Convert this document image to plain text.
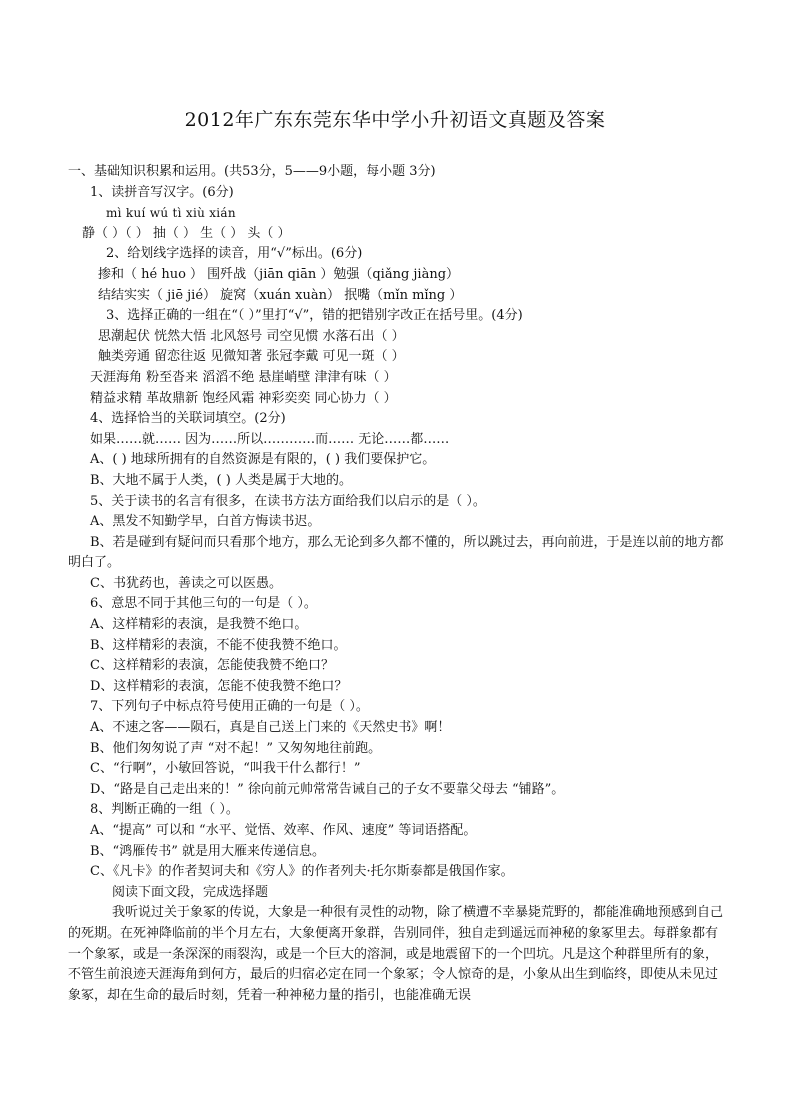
2012年广东东莞东华中学小升初语文真题及答案
一、基础知识积累和运用。(共53分，5——9小题，每小题 3分)
1、读拼音写汉字。(6分)
mì kuí wú tì xiù xián
静（ ）（ ） 抽（ ） 生（ ） 头（ ）
2、给划线字选择的读音，用“√”标出。(6分)
掺和（ hé huo ） 围歼战（jiān qiān ）勉强（qiǎng jiàng）
结结实实（ jiē jié） 旋窝（xuán xuàn） 抿嘴（mǐn mǐng ）
3、选择正确的一组在“（ ）”里打“√”，错的把错别字改正在括号里。(4分)
思潮起伏 恍然大悟 北风怒号 司空见惯 水落石出（ ）
触类旁通 留恋往返 见微知著 张冠李戴 可见一斑（ ）
天涯海角 粉至沓来 滔滔不绝 悬崖峭壁 津津有味（ ）
精益求精 革故鼎新 饱经风霜 神彩奕奕 同心协力（ ）
4、选择恰当的关联词填空。(2分)
如果……就…… 因为……所以…………而…… 无论……都……
A、( ) 地球所拥有的自然资源是有限的，( ) 我们要保护它。
B、大地不属于人类，( ) 人类是属于大地的。
5、关于读书的名言有很多，在读书方法方面给我们以启示的是（ ）。
A、黑发不知勤学早，白首方悔读书迟。
B、若是碰到有疑问而只看那个地方，那么无论到多久都不懂的，所以跳过去，再向前进，于是连以前的地方都明白了。
C、书犹药也，善读之可以医愚。
6、意思不同于其他三句的一句是（ ）。
A、这样精彩的表演，是我赞不绝口。
B、这样精彩的表演，不能不使我赞不绝口。
C、这样精彩的表演，怎能使我赞不绝口？
D、这样精彩的表演，怎能不使我赞不绝口？
7、下列句子中标点符号使用正确的一句是（ ）。
A、不速之客——陨石，真是自己送上门来的《天然史书》啊！
B、他们匆匆说了声 “对不起！” 又匆匆地往前跑。
C、“行啊”，小敏回答说，“叫我干什么都行！”
D、“路是自己走出来的！” 徐向前元帅常常告诫自己的子女不要靠父母去 “铺路”。
8、判断正确的一组（ ）。
A、“提高” 可以和 “水平、觉悟、效率、作风、速度” 等词语搭配。
B、“鸿雁传书” 就是用大雁来传递信息。
C、《凡卡》的作者契诃夫和《穷人》的作者列夫·托尔斯泰都是俄国作家。
阅读下面文段，完成选择题
我听说过关于象冢的传说，大象是一种很有灵性的动物，除了横遭不幸暴毙荒野的，都能准确地预感到自己的死期。在死神降临前的半个月左右，大象便离开象群，告别同伴，独自走到遥远而神秘的象冢里去。每群象都有一个象冢，或是一条深深的雨裂沟，或是一个巨大的溶洞，或是地震留下的一个凹坑。凡是这个种群里所有的象，不管生前浪迹天涯海角到何方，最后的归宿必定在同一个象冢；令人惊奇的是，小象从出生到临终，即使从未见过象冢，却在生命的最后时刻，凭着一种神秘力量的指引，也能准确无误
